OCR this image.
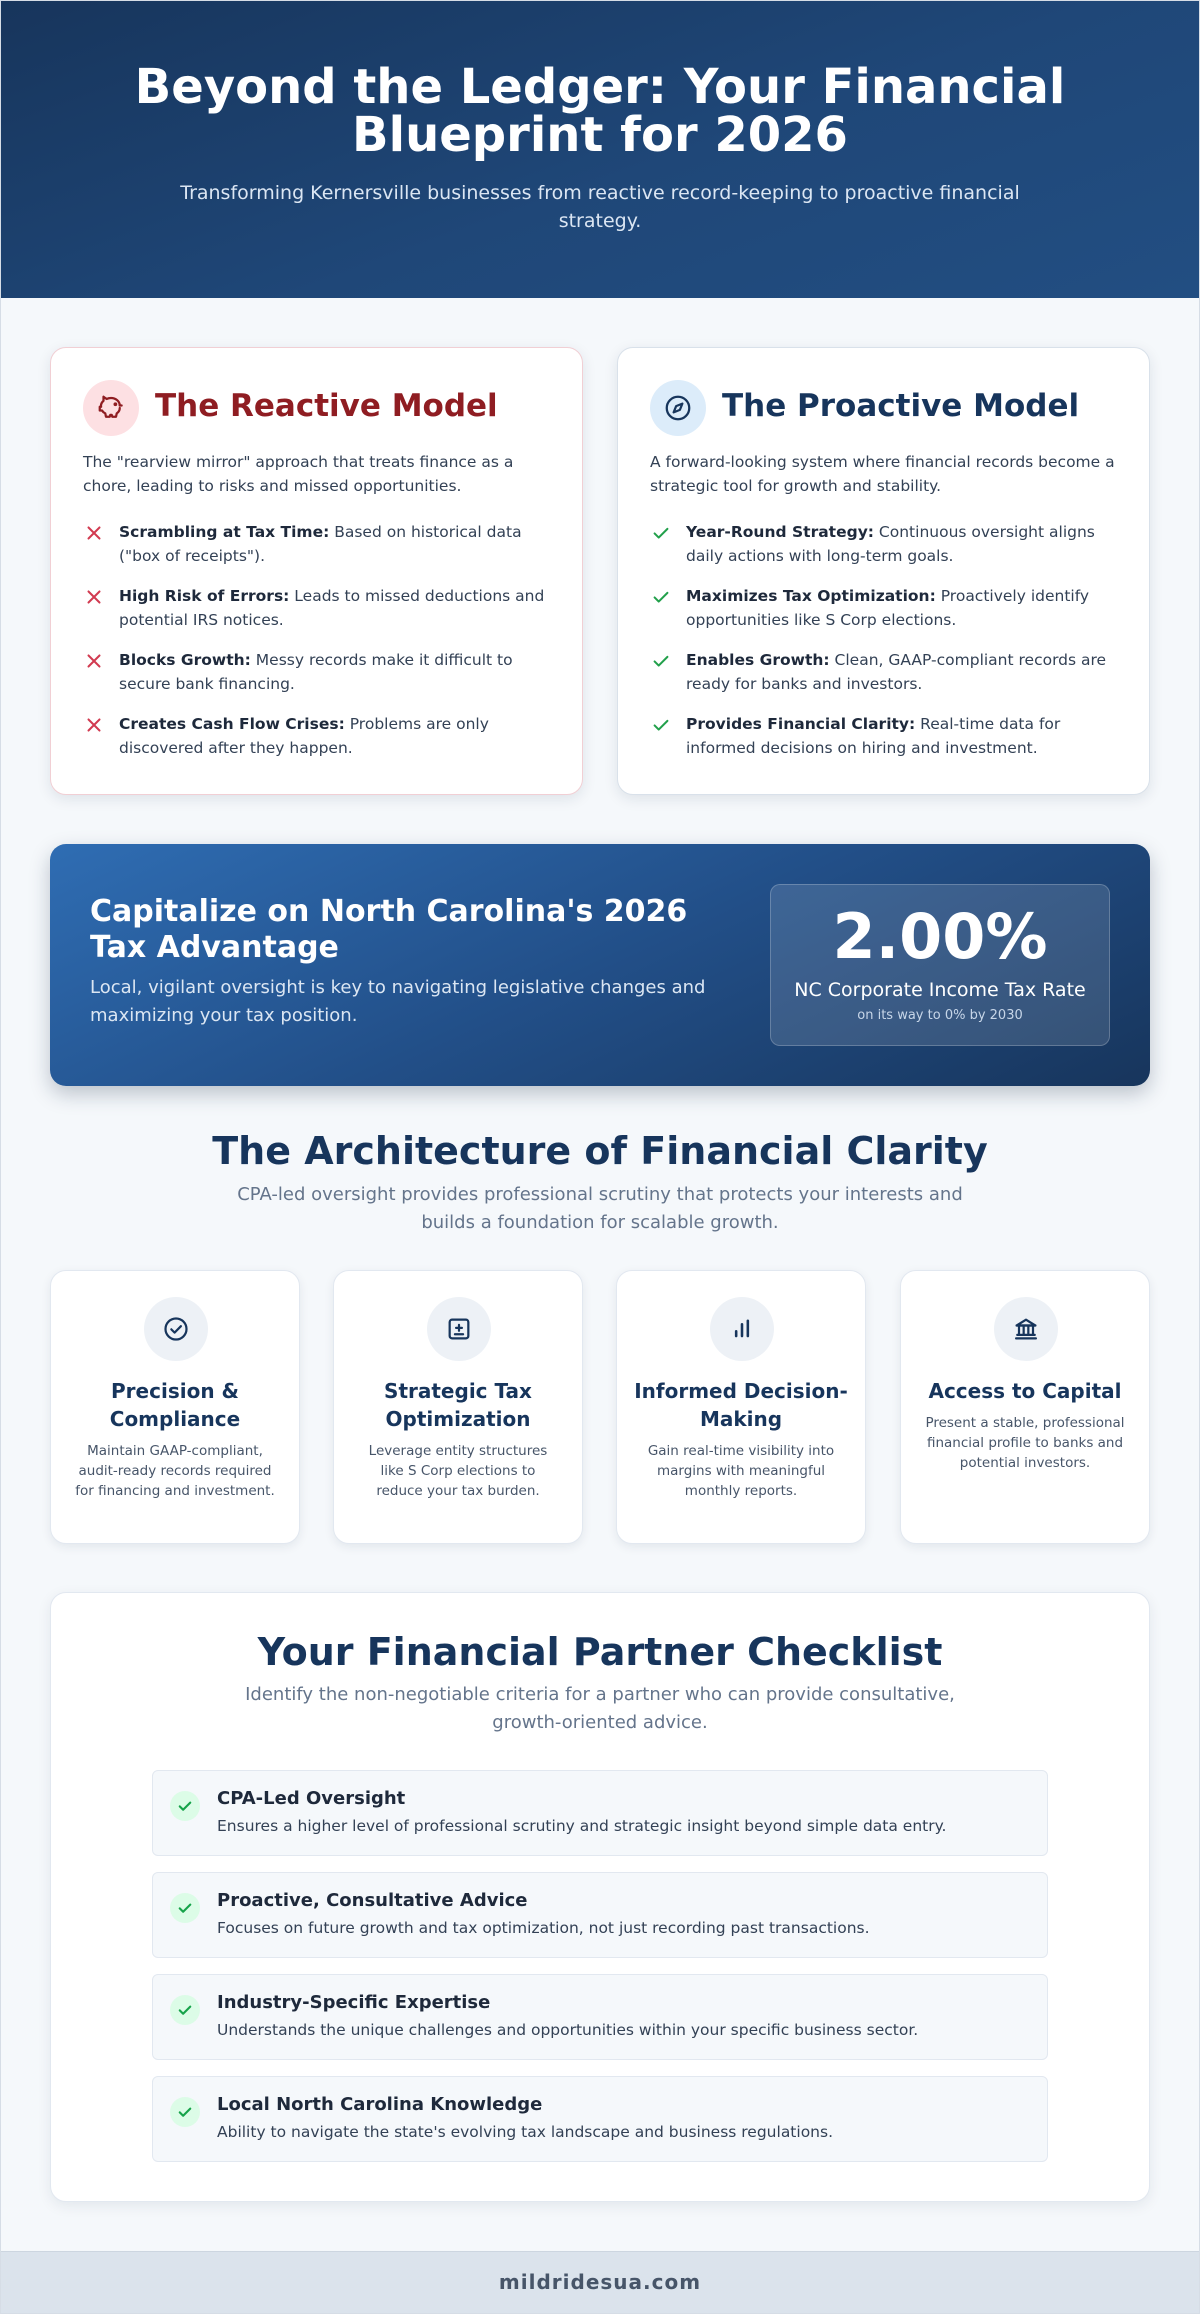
Beyond the Ledger: Your Financial Blueprint for 2026

Transforming Kernersville businesses from reactive record-keeping to proactive financial strategy.

The Reactive Model

The "rearview mirror" approach that treats finance as a chore, leading to risks and missed opportunities.

Scrambling at Tax Time: Based on historical data ("box of receipts").
High Risk of Errors: Leads to missed deductions and potential IRS notices.
Blocks Growth: Messy records make it difficult to secure bank financing.
Creates Cash Flow Crises: Problems are only discovered after they happen.
The Proactive Model

A forward-looking system where financial records become a strategic tool for growth and stability.

Year-Round Strategy: Continuous oversight aligns daily actions with long-term goals.
Maximizes Tax Optimization: Proactively identify opportunities like S Corp elections.
Enables Growth: Clean, GAAP-compliant records are ready for banks and investors.
Provides Financial Clarity: Real-time data for informed decisions on hiring and investment.
Capitalize on North Carolina's 2026 Tax Advantage

Local, vigilant oversight is key to navigating legislative changes and maximizing your tax position.

2.00%
NC Corporate Income Tax Rate
on its way to 0% by 2030
The Architecture of Financial Clarity

CPA-led oversight provides professional scrutiny that protects your interests and builds a foundation for scalable growth.

Precision & Compliance
Maintain GAAP-compliant, audit-ready records required for financing and investment.
Strategic Tax Optimization
Leverage entity structures like S Corp elections to reduce your tax burden.
Informed Decision-Making
Gain real-time visibility into margins with meaningful monthly reports.
Access to Capital
Present a stable, professional financial profile to banks and potential investors.
Your Financial Partner Checklist

Identify the non-negotiable criteria for a partner who can provide consultative, growth-oriented advice.

CPA-Led Oversight
Ensures a higher level of professional scrutiny and strategic insight beyond simple data entry.
Proactive, Consultative Advice
Focuses on future growth and tax optimization, not just recording past transactions.
Industry-Specific Expertise
Understands the unique challenges and opportunities within your specific business sector.
Local North Carolina Knowledge
Ability to navigate the state's evolving tax landscape and business regulations.
mildridesua.com
